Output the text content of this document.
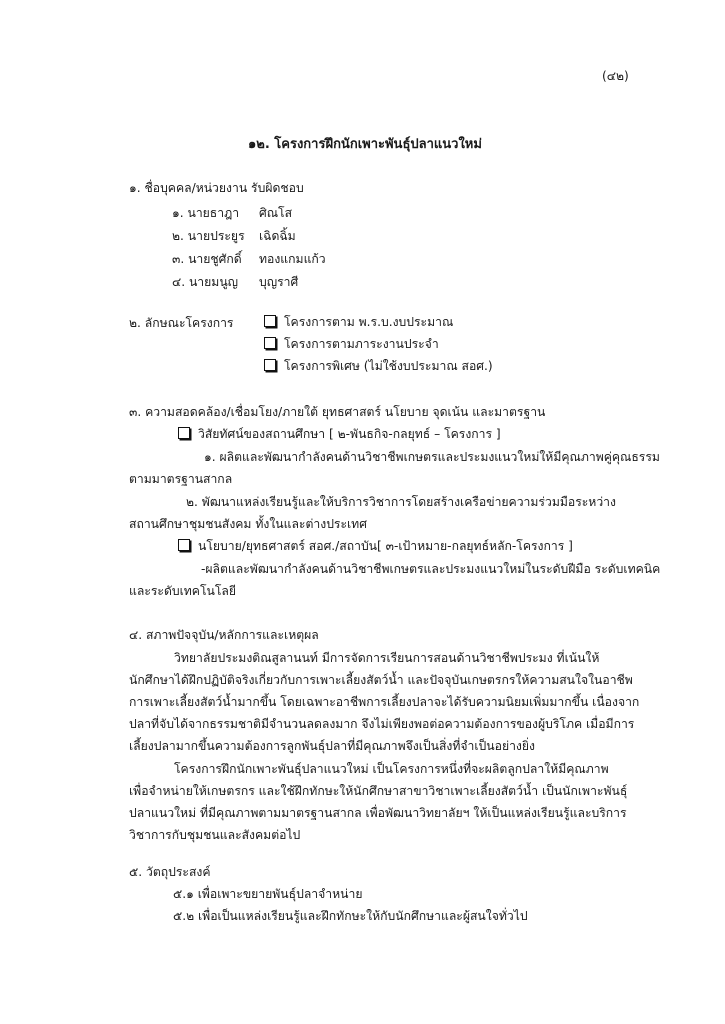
(๔๒)
๑๒. โครงการฝึกนักเพาะพันธุ์ปลาแนวใหม่
๑. ชื่อบุคคล/หน่วยงาน รับผิดชอบ
๑. นายธาฎา ศิณโส
๒. นายประยูร เฉิดฉิ้ม
๓. นายชูศักดิ์ ทองแกมแก้ว
๔. นายมนูญ บุญราศี
๒. ลักษณะโครงการ	โครงการตาม พ.ร.บ.งบประมาณ
โครงการตามภาระงานประจำ
โครงการพิเศษ (ไม่ใช้งบประมาณ สอศ.)
๓. ความสอดคล้อง/เชื่อมโยง/ภายใต้ ยุทธศาสตร์ นโยบาย จุดเน้น และมาตรฐาน
วิสัยทัศน์ของสถานศึกษา [ ๒-พันธกิจ-กลยุทธ์ – โครงการ ]
๑. ผลิตและพัฒนากำลังคนด้านวิชาชีพเกษตรและประมงแนวใหม่ให้มีคุณภาพคู่คุณธรรม
ตามมาตรฐานสากล
๒. พัฒนาแหล่งเรียนรู้และให้บริการวิชาการโดยสร้างเครือข่ายความร่วมมือระหว่าง
สถานศึกษาชุมชนสังคม ทั้งในและต่างประเทศ
นโยบาย/ยุทธศาสตร์ สอศ./สถาบัน[ ๓-เป้าหมาย-กลยุทธ์หลัก-โครงการ ]
-ผลิตและพัฒนากำลังคนด้านวิชาชีพเกษตรและประมงแนวใหม่ในระดับฝีมือ ระดับเทคนิค
และระดับเทคโนโลยี
๔. สภาพปัจจุบัน/หลักการและเหตุผล
วิทยาลัยประมงติณสูลานนท์ มีการจัดการเรียนการสอนด้านวิชาชีพประมง ที่เน้นให้
นักศึกษาได้ฝึกปฏิบัติจริงเกี่ยวกับการเพาะเลี้ยงสัตว์น้ำ และปัจจุบันเกษตรกรให้ความสนใจในอาชีพ
การเพาะเลี้ยงสัตว์น้ำมากขึ้น โดยเฉพาะอาชีพการเลี้ยงปลาจะได้รับความนิยมเพิ่มมากขึ้น เนื่องจาก
ปลาที่จับได้จากธรรมชาติมีจำนวนลดลงมาก จึงไม่เพียงพอต่อความต้องการของผู้บริโภค เมื่อมีการ
เลี้ยงปลามากขึ้นความต้องการลูกพันธุ์ปลาที่มีคุณภาพจึงเป็นสิ่งที่จำเป็นอย่างยิ่ง
โครงการฝึกนักเพาะพันธุ์ปลาแนวใหม่ เป็นโครงการหนึ่งที่จะผลิตลูกปลาให้มีคุณภาพ
เพื่อจำหน่ายให้เกษตรกร และใช้ฝึกทักษะให้นักศึกษาสาขาวิชาเพาะเลี้ยงสัตว์น้ำ เป็นนักเพาะพันธุ์
ปลาแนวใหม่ ที่มีคุณภาพตามมาตรฐานสากล เพื่อพัฒนาวิทยาลัยฯ ให้เป็นแหล่งเรียนรู้และบริการ
วิชาการกับชุมชนและสังคมต่อไป
๕. วัตถุประสงค์
๕.๑ เพื่อเพาะขยายพันธุ์ปลาจำหน่าย
๕.๒ เพื่อเป็นแหล่งเรียนรู้และฝึกทักษะให้กับนักศึกษาและผู้สนใจทั่วไป
